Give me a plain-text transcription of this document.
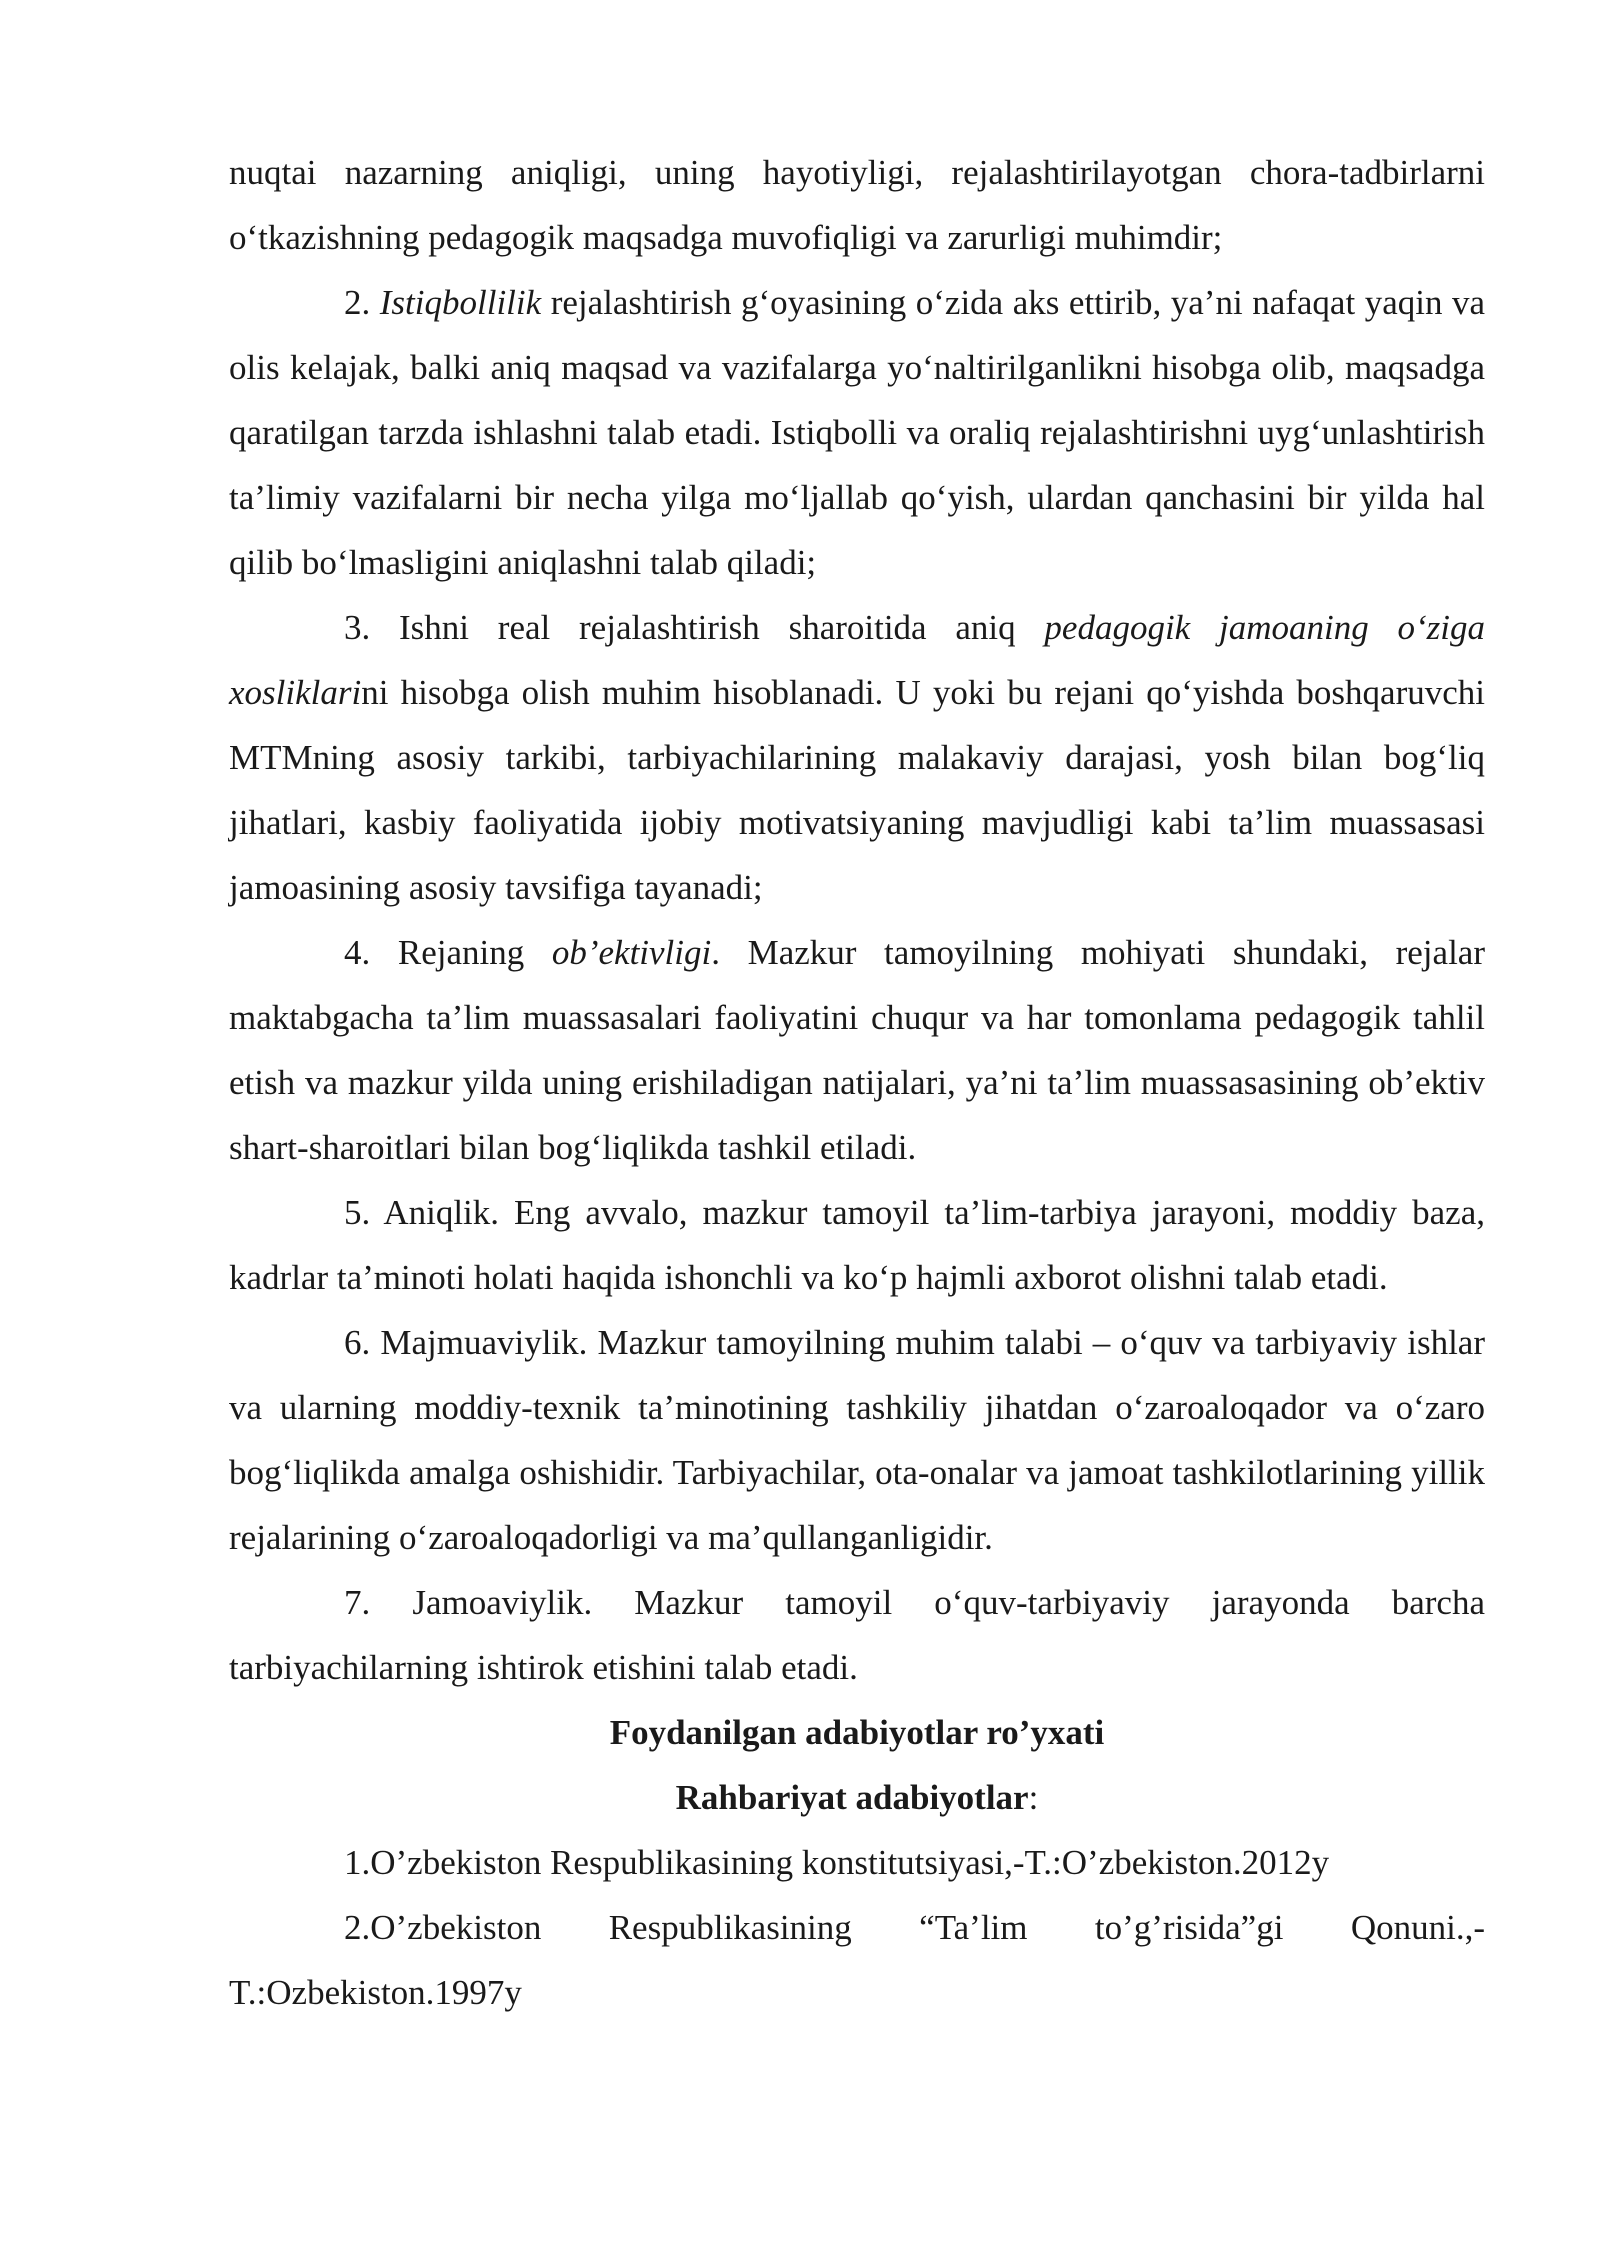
nuqtai nazarning aniqligi, uning hayotiyligi, rejalashtirilayotgan chora-tadbirlarni o‘tkazishning pedagogik maqsadga muvofiqligi va zarurligi muhimdir;

2. Istiqbollilik rejalashtirish g‘oyasining o‘zida aks ettirib, ya’ni nafaqat yaqin va olis kelajak, balki aniq maqsad va vazifalarga yo‘naltirilganlikni hisobga olib, maqsadga qaratilgan tarzda ishlashni talab etadi. Istiqbolli va oraliq rejalashtirishni uyg‘unlashtirish ta’limiy vazifalarni bir necha yilga mo‘ljallab qo‘yish, ulardan qanchasini bir yilda hal qilib bo‘lmasligini aniqlashni talab qiladi;

3. Ishni real rejalashtirish sharoitida aniq pedagogik jamoaning o‘ziga xosliklarini hisobga olish muhim hisoblanadi. U yoki bu rejani qo‘yishda boshqaruvchi MTMning asosiy tarkibi, tarbiyachilarining malakaviy darajasi, yosh bilan bog‘liq jihatlari, kasbiy faoliyatida ijobiy motivatsiyaning mavjudligi kabi ta’lim muassasasi jamoasining asosiy tavsifiga tayanadi;

4. Rejaning ob’ektivligi. Mazkur tamoyilning mohiyati shundaki, rejalar maktabgacha ta’lim muassasalari faoliyatini chuqur va har tomonlama pedagogik tahlil etish va mazkur yilda uning erishiladigan natijalari, ya’ni ta’lim muassasasining ob’ektiv shart-sharoitlari bilan bog‘liqlikda tashkil etiladi.

5. Aniqlik. Eng avvalo, mazkur tamoyil ta’lim-tarbiya jarayoni, moddiy baza, kadrlar ta’minoti holati haqida ishonchli va ko‘p hajmli axborot olishni talab etadi.

6. Majmuaviylik. Mazkur tamoyilning muhim talabi – o‘quv va tarbiyaviy ishlar va ularning moddiy-texnik ta’minotining tashkiliy jihatdan o‘zaroaloqador va o‘zaro bog‘liqlikda amalga oshishidir. Tarbiyachilar, ota-onalar va jamoat tashkilotlarining yillik rejalarining o‘zaroaloqadorligi va ma’qullanganligidir.

7. Jamoaviylik. Mazkur tamoyil o‘quv-tarbiyaviy jarayonda barcha tarbiyachilarning ishtirok etishini talab etadi.

Foydanilgan adabiyotlar ro’yxati

Rahbariyat adabiyotlar:

1.O’zbekiston Respublikasining konstitutsiyasi,-T.:O’zbekiston.2012y

2.O’zbekiston Respublikasining “Ta’lim to’g’risida”gi Qonuni.,-T.:Ozbekiston.1997y
